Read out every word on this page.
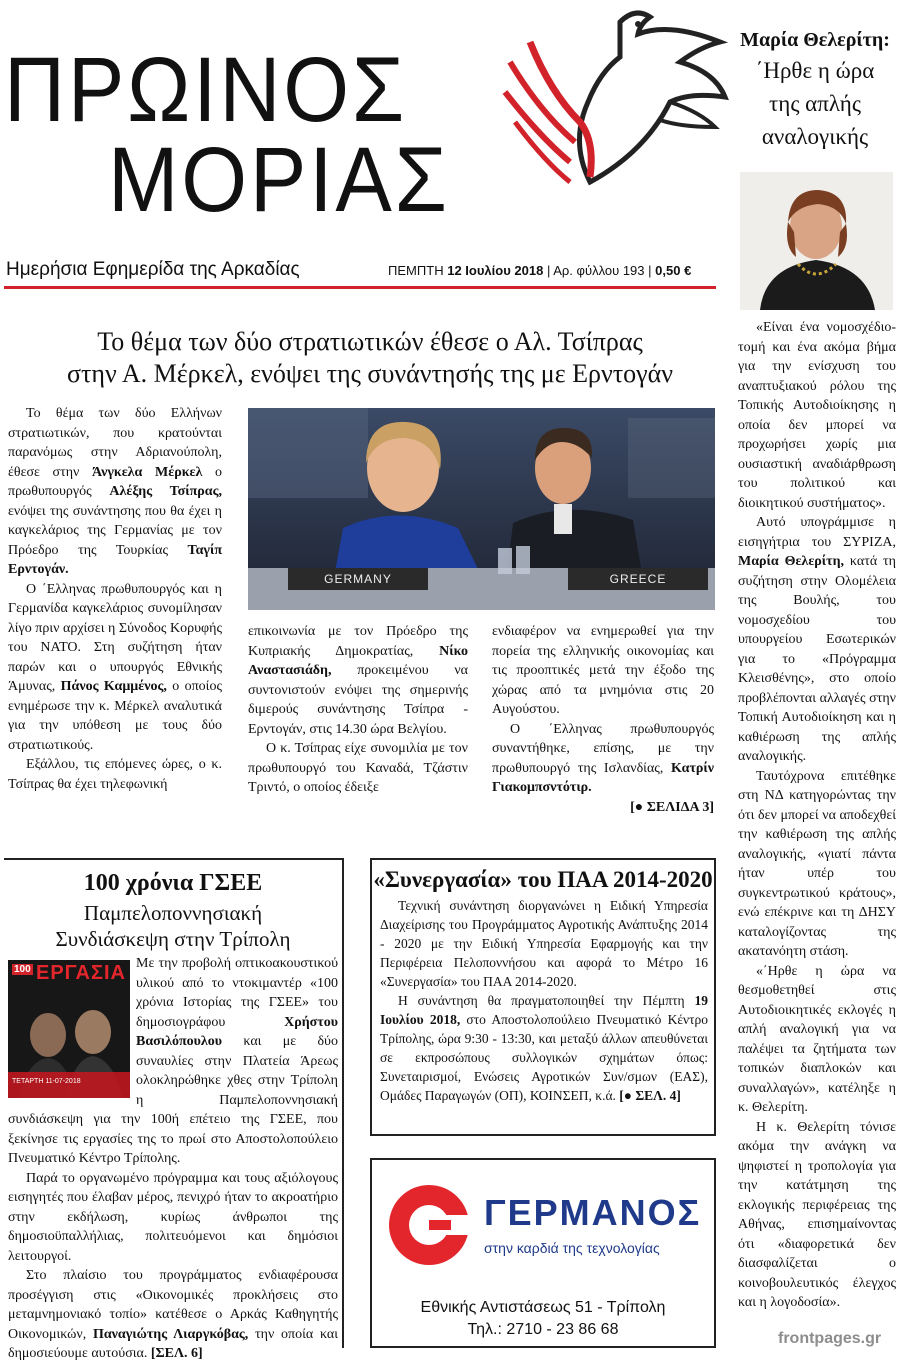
ΠΡΩΙΝΟΣ
ΜΟΡΙΑΣ
Ημερήσια Εφημερίδα της Αρκαδίας	ΠΕΜΠΤΗ 12 Ιουλίου 2018 | Αρ. φύλλου 193 | 0,50 €
Μαρία Θελερίτη:
΄Ηρθε η ώρα
της απλής
αναλογικής

«Είναι ένα νομοσχέδιο-τομή και ένα ακόμα βήμα για την ενίσχυση του αναπτυξιακού ρόλου της Τοπικής Αυτοδιοίκησης η οποία δεν μπορεί να προχωρήσει χωρίς μια ουσιαστική αναδιάρθρωση του πολιτικού και διοικητικού συστήματος».

Αυτό υπογράμμισε η εισηγήτρια του ΣΥΡΙΖΑ, Μαρία Θελερίτη, κατά τη συζήτηση στην Ολομέλεια της Βουλής, του νομοσχεδίου του υπουργείου Εσωτερικών για το «Πρόγραμμα Κλεισθένης», στο οποίο προβλέπονται αλλαγές στην Τοπική Αυτοδιοίκηση και η καθιέρωση της απλής αναλογικής.

Ταυτόχρονα επιτέθηκε στη ΝΔ κατηγορώντας την ότι δεν μπορεί να αποδεχθεί την καθιέρωση της απλής αναλογικής, «γιατί πάντα ήταν υπέρ του συγκεντρωτικού κράτους», ενώ επέκρινε και τη ΔΗΣΥ καταλογίζοντας της ακατανόητη στάση.

«΄Ηρθε η ώρα να θεσμοθετηθεί στις Αυτοδιοικητικές εκλογές η απλή αναλογική για να παλέψει τα ζητήματα των τοπικών διαπλοκών και συναλλαγών», κατέληξε η κ. Θελερίτη.

Η κ. Θελερίτη τόνισε ακόμα την ανάγκη να ψηφιστεί η τροπολογία για την κατάτμηση της εκλογικής περιφέρειας της Αθήνας, επισημαίνοντας ότι «διαφορετικά δεν διασφαλίζεται ο κοινοβουλευτικός έλεγχος και η λογοδοσία».

frontpages.gr
Το θέμα των δύο στρατιωτικών έθεσε ο Αλ. Τσίπρας
στην Α. Μέρκελ, ενόψει της συνάντησής της με Ερντογάν

Το θέμα των δύο Ελλήνων στρατιωτικών, που κρατούνται παρανόμως στην Αδριανούπολη, έθεσε στην Άνγκελα Μέρκελ ο πρωθυπουργός Αλέξης Τσίπρας, ενόψει της συνάντησης που θα έχει η καγκελάριος της Γερμανίας με τον Πρόεδρο της Τουρκίας Ταγίπ Ερντογάν.

Ο ΄Ελληνας πρωθυπουργός και η Γερμανίδα καγκελάριος συνομίλησαν λίγο πριν αρχίσει η Σύνοδος Κορυφής του ΝΑΤΟ. Στη συζήτηση ήταν παρών και ο υπουργός Εθνικής Άμυνας, Πάνος Καμμένος, ο οποίος ενημέρωσε την κ. Μέρκελ αναλυτικά για την υπόθεση με τους δύο στρατιωτικούς.

Εξάλλου, τις επόμενες ώρες, ο κ. Τσίπρας θα έχει τηλεφωνική

GERMANY	GREECE

επικοινωνία με τον Πρόεδρο της Κυπριακής Δημοκρατίας, Νίκο Αναστασιάδη, προκειμένου να συντονιστούν ενόψει της σημερινής διμερούς συνάντησης Τσίπρα - Ερντογάν, στις 14.30 ώρα Βελγίου.

Ο κ. Τσίπρας είχε συνομιλία με τον πρωθυπουργό του Καναδά, Τζάστιν Τριντό, ο οποίος έδειξε

ενδιαφέρον να ενημερωθεί για την πορεία της ελληνικής οικονομίας και τις προοπτικές μετά την έξοδο της χώρας από τα μνημόνια στις 20 Αυγούστου.

Ο ΄Ελληνας πρωθυπουργός συναντήθηκε, επίσης, με την πρωθυπουργό της Ισλανδίας, Κατρίν Γιακομπσντότιρ.

[● ΣΕΛΙΔΑ 3]
100 χρόνια ΓΣΕΕ
Παμπελοποννησιακή
Συνδιάσκεψη στην Τρίπολη
100 ΕΡΓΑΣΙΑ
ΤΕΤΑΡΤΗ 11-07-2018

Με την προβολή οπτικοακουστικού υλικού από το ντοκιμαντέρ «100 χρόνια Ιστορίας της ΓΣΕΕ» του δημοσιογράφου Χρήστου Βασιλόπουλου και με δύο συναυλίες στην Πλατεία Άρεως ολοκληρώθηκε χθες στην Τρίπολη η Παμπελοποννησιακή συνδιάσκεψη για την 100ή επέτειο της ΓΣΕΕ, που ξεκίνησε τις εργασίες της το πρωί στο Αποστολοπούλειο Πνευματικό Κέντρο Τρίπολης.

Παρά το οργανωμένο πρόγραμμα και τους αξιόλογους εισηγητές που έλαβαν μέρος, πενιχρό ήταν το ακροατήριο στην εκδήλωση, κυρίως άνθρωποι της δημοσιοϋπαλλήλιας, πολιτευόμενοι και δημόσιοι λειτουργοί.

Στο πλαίσιο του προγράμματος ενδιαφέρουσα προσέγγιση στις «Οικονομικές προκλήσεις στο μεταμνημονιακό τοπίο» κατέθεσε ο Αρκάς Καθηγητής Οικονομικών, Παναγιώτης Λιαργκόβας, την οποία και δημοσιεύουμε αυτούσια. [ΣΕΛ. 6]

«Συνεργασία» του ΠΑΑ 2014-2020

Τεχνική συνάντηση διοργανώνει η Ειδική Υπηρεσία Διαχείρισης του Προγράμματος Αγροτικής Ανάπτυξης 2014 - 2020 με την Ειδική Υπηρεσία Εφαρμογής και την Περιφέρεια Πελοποννήσου και αφορά το Μέτρο 16 «Συνεργασία» του ΠΑΑ 2014-2020.

Η συνάντηση θα πραγματοποιηθεί την Πέμπτη 19 Ιουλίου 2018, στο Αποστολοπούλειο Πνευματικό Κέντρο Τρίπολης, ώρα 9:30 - 13:30, και μεταξύ άλλων απευθύνεται σε εκπροσώπους συλλογικών σχημάτων όπως: Συνεταιρισμοί, Ενώσεις Αγροτικών Συν/σμων (ΕΑΣ), Ομάδες Παραγωγών (ΟΠ), ΚΟΙΝΣΕΠ, κ.ά. [● ΣΕΛ. 4]

ΓΕΡΜΑΝΟΣ
στην καρδιά της τεχνολογίας
Εθνικής Αντιστάσεως 51 - Τρίπολη
Τηλ.: 2710 - 23 86 68
